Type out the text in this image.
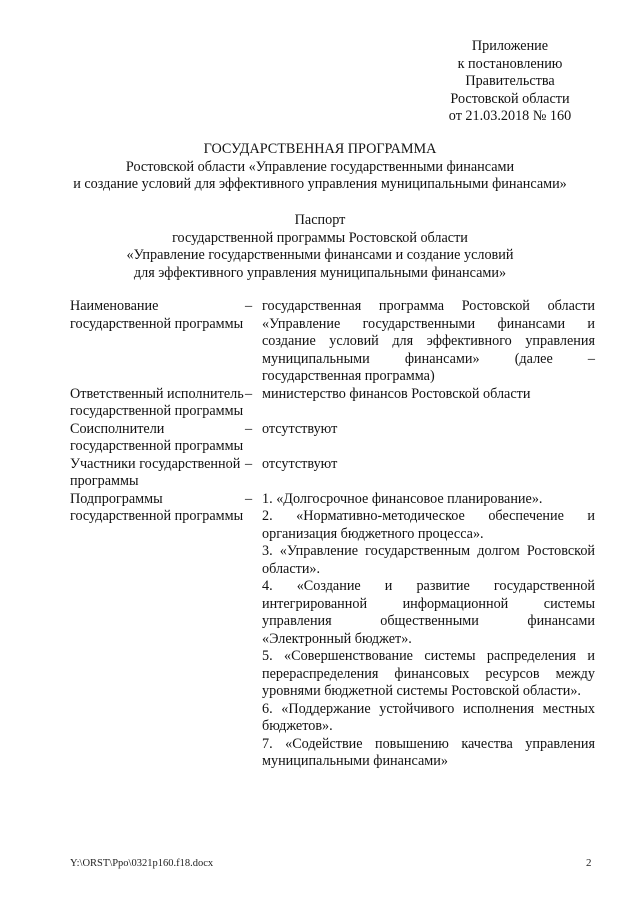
Приложение
к постановлению
Правительства
Ростовской области
от 21.03.2018 № 160
ГОСУДАРСТВЕННАЯ ПРОГРАММА
Ростовской области «Управление государственными финансами
и создание условий для эффективного управления муниципальными финансами»
Паспорт
государственной программы Ростовской области
«Управление государственными финансами и создание условий
для эффективного управления муниципальными финансами»
Наименование государственной программы
– государственная программа Ростовской области «Управление государственными финансами и создание условий для эффективного управления муниципальными финансами» (далее – государственная программа)
Ответственный исполнитель государственной программы
– министерство финансов Ростовской области
Соисполнители государственной программы
– отсутствуют
Участники государственной программы
– отсутствуют
Подпрограммы государственной программы
– 1. «Долгосрочное финансовое планирование».

2. «Нормативно-методическое обеспечение и организация бюджетного процесса».

3. «Управление государственным долгом Ростовской области».

4. «Создание и развитие государственной интегрированной информационной системы управления общественными финансами «Электронный бюджет».

5. «Совершенствование системы распределения и перераспределения финансовых ресурсов между уровнями бюджетной системы Ростовской области».

6. «Поддержание устойчивого исполнения местных бюджетов».

7. «Содействие повышению качества управления муниципальными финансами»

Y:\ORST\Ppo\0321p160.f18.docx	2
